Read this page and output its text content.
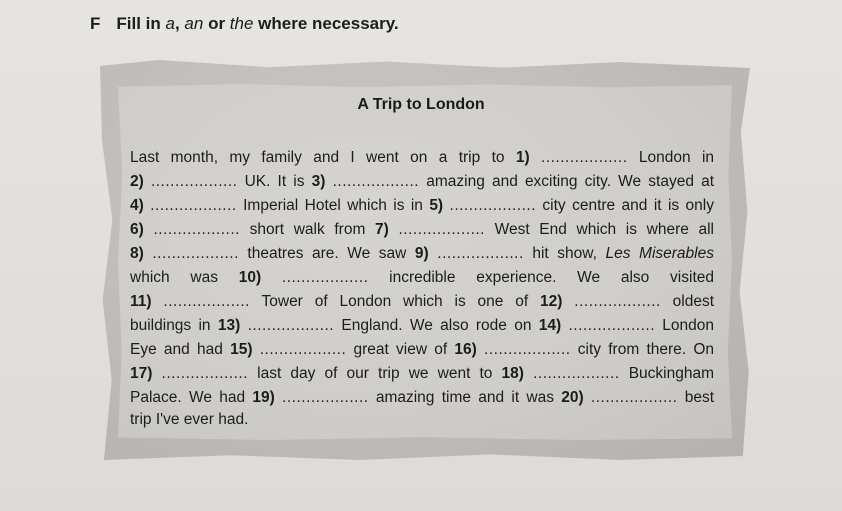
F Fill in a, an or the where necessary.
A Trip to London
Last month, my family and I went on a trip to 1) .................. London in
2) .................. UK. It is 3) .................. amazing and exciting city. We stayed at
4) .................. Imperial Hotel which is in 5) .................. city centre and it is only
6) .................. short walk from 7) .................. West End which is where all
8) .................. theatres are. We saw 9) .................. hit show, Les Miserables
which was 10) .................. incredible experience. We also visited
11) .................. Tower of London which is one of 12) .................. oldest
buildings in 13) .................. England. We also rode on 14) .................. London
Eye and had 15) .................. great view of 16) .................. city from there. On
17) .................. last day of our trip we went to 18) .................. Buckingham
Palace. We had 19) .................. amazing time and it was 20) .................. best
trip I've ever had.
